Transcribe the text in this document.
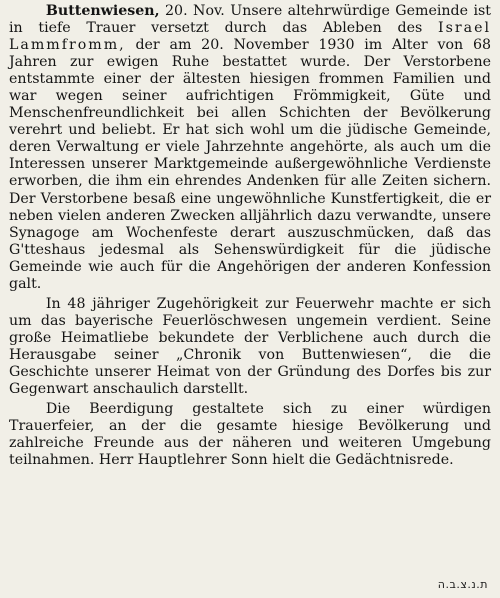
Buttenwiesen, 20. Nov. Unsere altehrwürdige Gemeinde ist in tiefe Trauer versetzt durch das Ableben des Israel Lammfromm, der am 20. November 1930 im Alter von 68 Jahren zur ewigen Ruhe bestattet wurde. Der Verstorbene entstammte einer der ältesten hiesigen frommen Familien und war wegen seiner aufrichtigen Frömmigkeit, Güte und Menschenfreundlichkeit bei allen Schichten der Bevölkerung verehrt und beliebt. Er hat sich wohl um die jüdische Gemeinde, deren Verwaltung er viele Jahrzehnte angehörte, als auch um die Interessen unserer Marktgemeinde außergewöhnliche Verdienste erworben, die ihm ein ehrendes Andenken für alle Zeiten sichern. Der Verstorbene besaß eine ungewöhnliche Kunstfertigkeit, die er neben vielen anderen Zwecken alljährlich dazu verwandte, unsere Synagoge am Wochenfeste derart auszuschmücken, daß das G'tteshaus jedesmal als Sehenswürdigkeit für die jüdische Gemeinde wie auch für die Angehörigen der anderen Konfession galt.

In 48 jähriger Zugehörigkeit zur Feuerwehr machte er sich um das bayerische Feuerlöschwesen ungemein verdient. Seine große Heimatliebe bekundete der Verblichene auch durch die Herausgabe seiner „Chronik von Buttenwiesen“, die die Geschichte unserer Heimat von der Gründung des Dorfes bis zur Gegenwart anschaulich darstellt.

Die Beerdigung gestaltete sich zu einer würdigen Trauerfeier, an der die gesamte hiesige Bevölkerung und zahlreiche Freunde aus der näheren und weiteren Umgebung teilnahmen. Herr Hauptlehrer Sonn hielt die Gedächtnisrede.

ת.נ.צ.ב.ה
